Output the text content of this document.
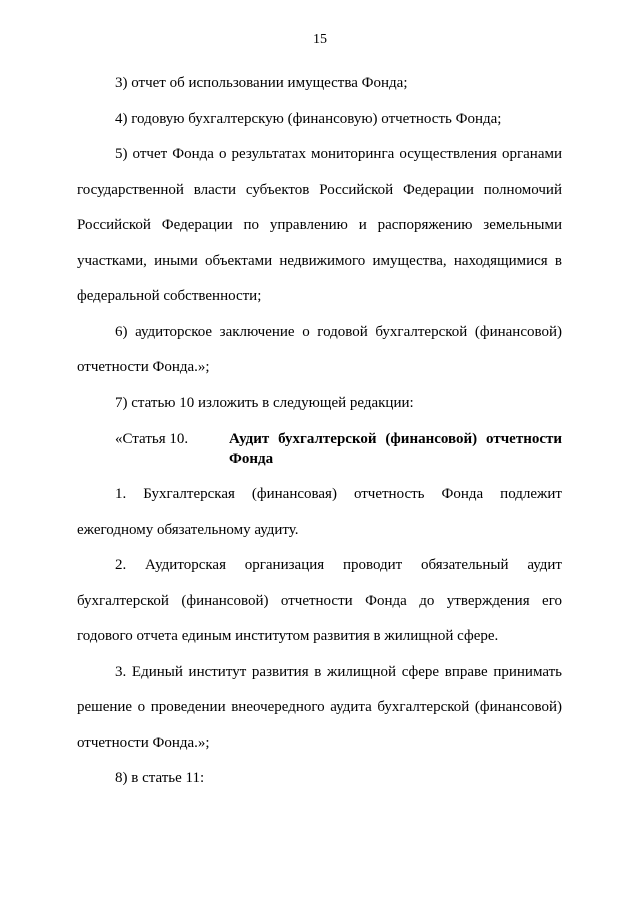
15

3) отчет об использовании имущества Фонда;

4) годовую бухгалтерскую (финансовую) отчетность Фонда;

5) отчет Фонда о результатах мониторинга осуществления органами государственной власти субъектов Российской Федерации полномочий Российской Федерации по управлению и распоряжению земельными участками, иными объектами недвижимого имущества, находящимися в федеральной собственности;

6) аудиторское заключение о годовой бухгалтерской (финансовой) отчетности Фонда.»;

7) статью 10 изложить в следующей редакции:

«Статья 10.	Аудит бухгалтерской (финансовой) отчетности Фонда

1. Бухгалтерская (финансовая) отчетность Фонда подлежит ежегодному обязательному аудиту.

2. Аудиторская организация проводит обязательный аудит бухгалтерской (финансовой) отчетности Фонда до утверждения его годового отчета единым институтом развития в жилищной сфере.

3. Единый институт развития в жилищной сфере вправе принимать решение о проведении внеочередного аудита бухгалтерской (финансовой) отчетности Фонда.»;

8) в статье 11:
